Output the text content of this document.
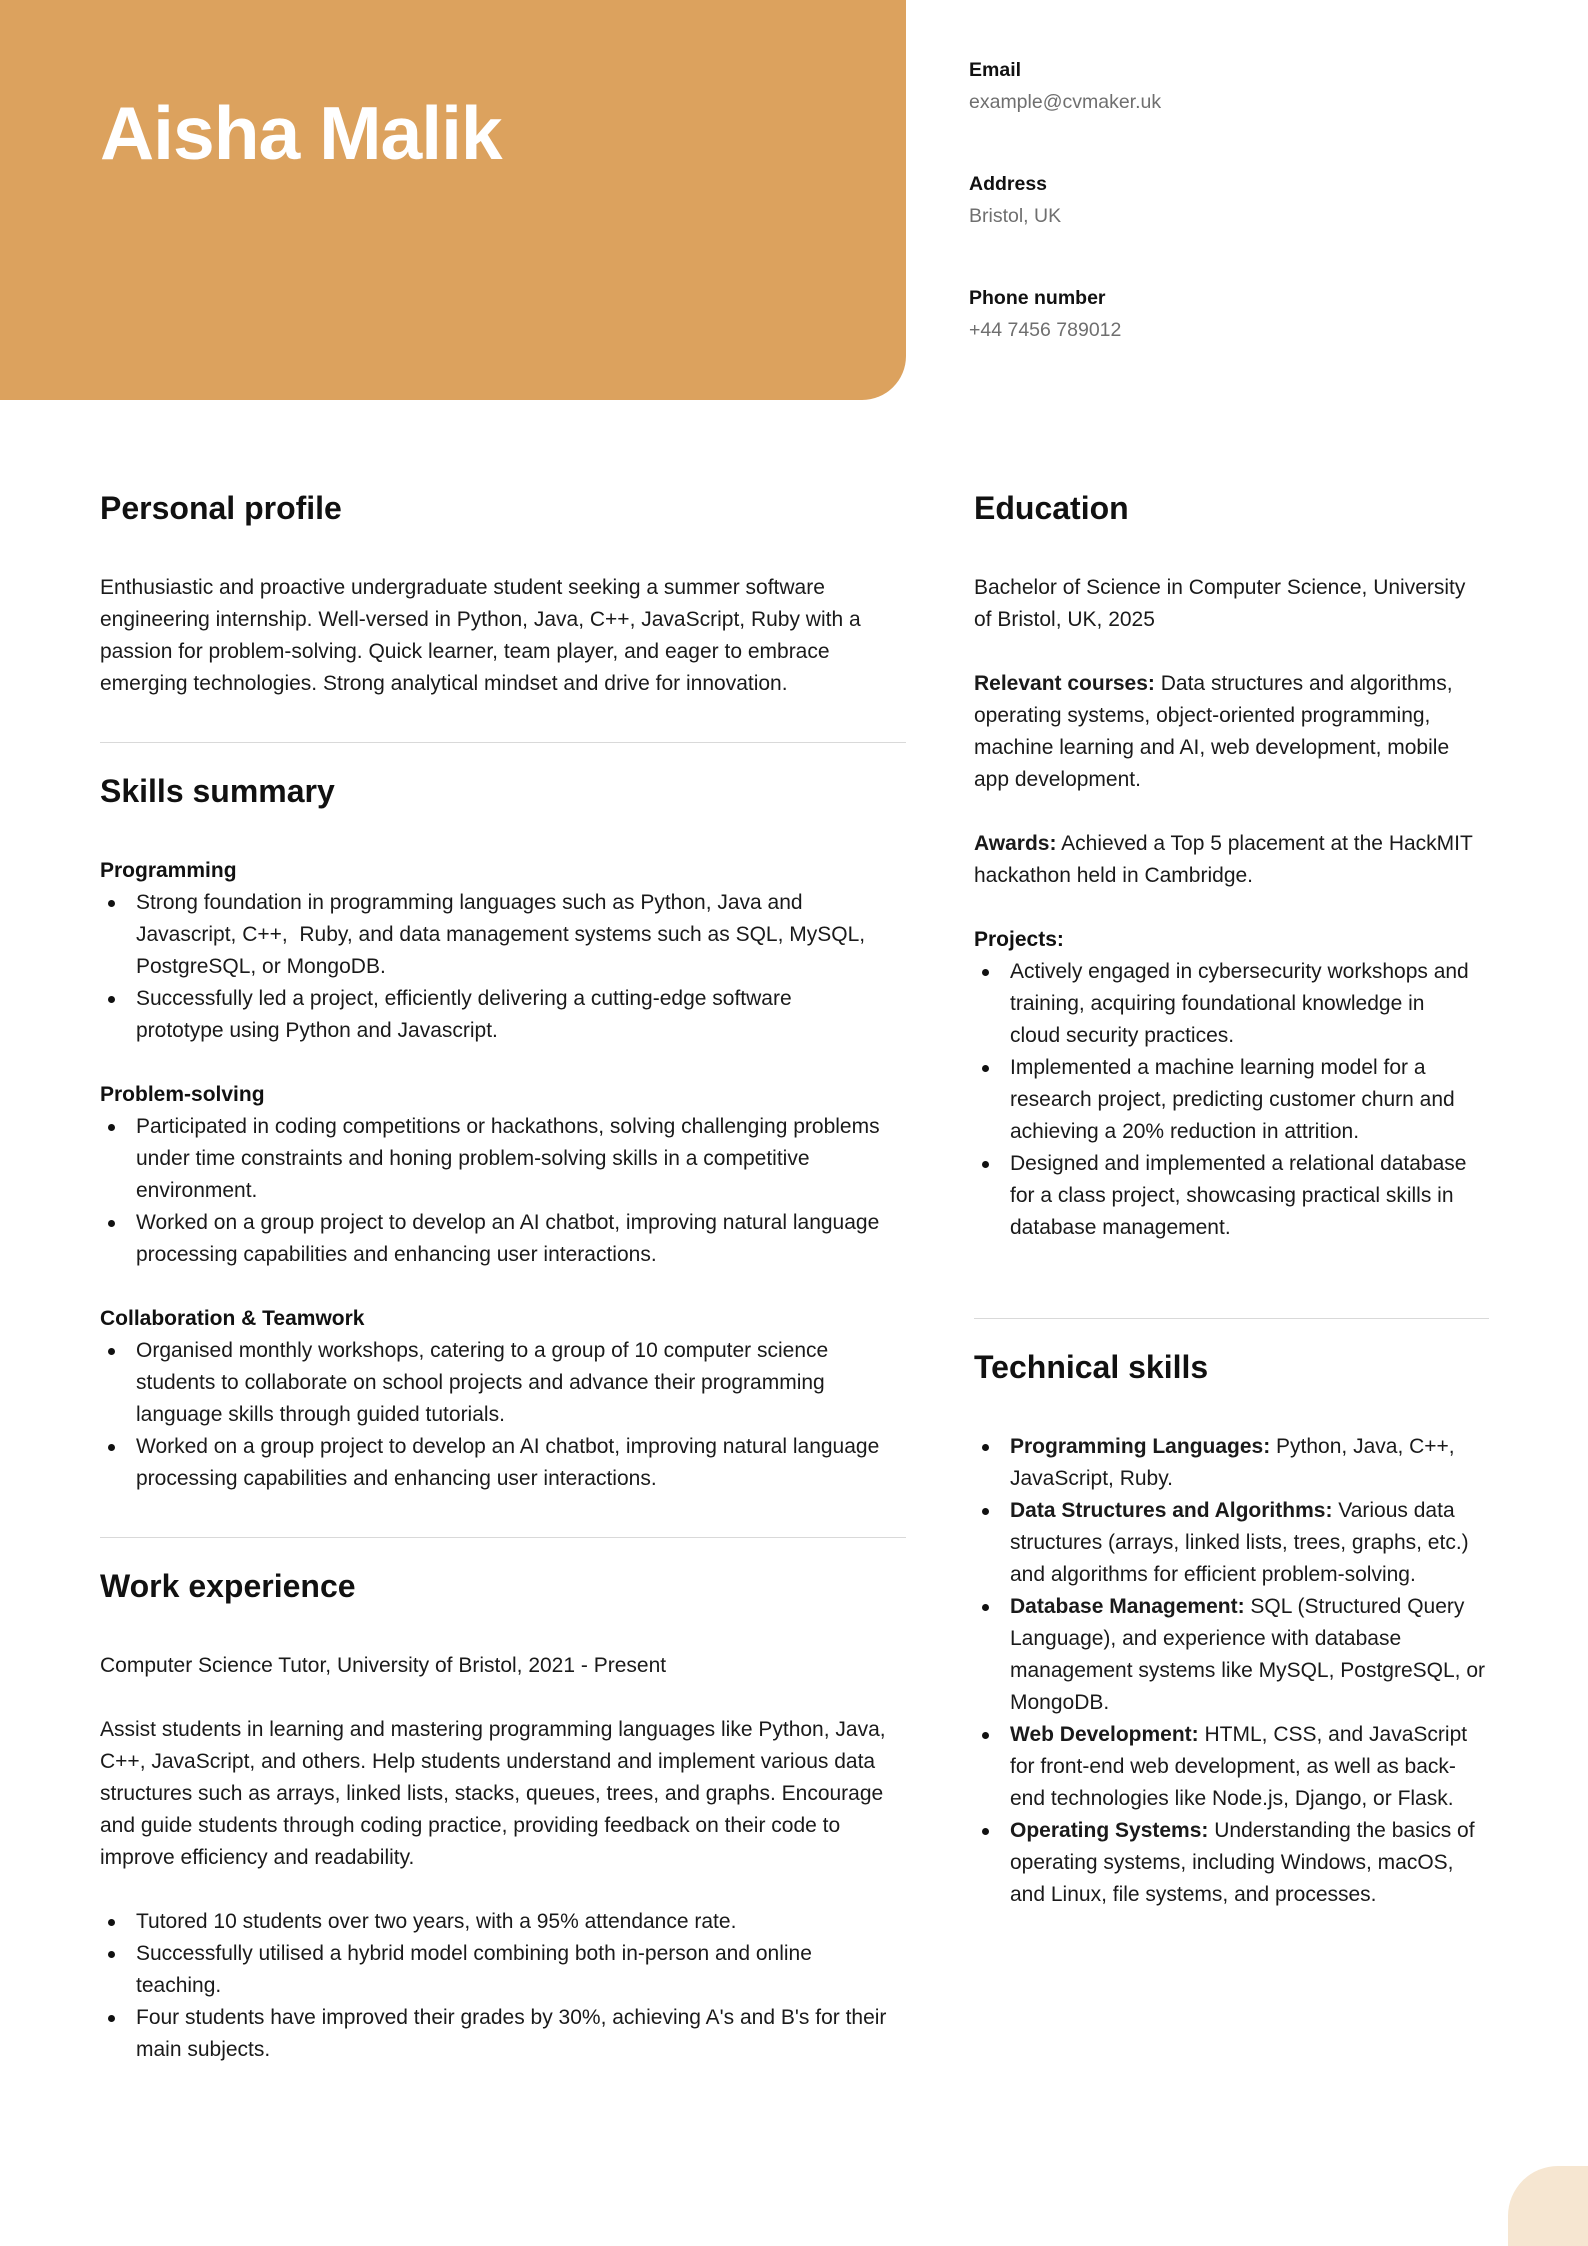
Aisha Malik
Email
example@cvmaker.uk
Address
Bristol, UK
Phone number
+44 7456 789012
Personal profile
Enthusiastic and proactive undergraduate student seeking a summer software
engineering internship. Well-versed in Python, Java, C++, JavaScript, Ruby with a
passion for problem-solving. Quick learner, team player, and eager to embrace
emerging technologies. Strong analytical mindset and drive for innovation.
Skills summary
Programming
Strong foundation in programming languages such as Python, Java and
Javascript, C++,  Ruby, and data management systems such as SQL, MySQL,
PostgreSQL, or MongoDB.
Successfully led a project, efficiently delivering a cutting-edge software
prototype using Python and Javascript.
Problem-solving
Participated in coding competitions or hackathons, solving challenging problems
under time constraints and honing problem-solving skills in a competitive
environment.
Worked on a group project to develop an AI chatbot, improving natural language
processing capabilities and enhancing user interactions.
Collaboration & Teamwork
Organised monthly workshops, catering to a group of 10 computer science
students to collaborate on school projects and advance their programming
language skills through guided tutorials.
Worked on a group project to develop an AI chatbot, improving natural language
processing capabilities and enhancing user interactions.
Work experience
Computer Science Tutor, University of Bristol, 2021 - Present
Assist students in learning and mastering programming languages like Python, Java,
C++, JavaScript, and others. Help students understand and implement various data
structures such as arrays, linked lists, stacks, queues, trees, and graphs. Encourage
and guide students through coding practice, providing feedback on their code to
improve efficiency and readability.
Tutored 10 students over two years, with a 95% attendance rate.
Successfully utilised a hybrid model combining both in-person and online
teaching.
Four students have improved their grades by 30%, achieving A's and B's for their
main subjects.
Education
Bachelor of Science in Computer Science, University
of Bristol, UK, 2025
Relevant courses: Data structures and algorithms,
operating systems, object-oriented programming,
machine learning and AI, web development, mobile
app development.
Awards: Achieved a Top 5 placement at the HackMIT
hackathon held in Cambridge.
Projects:
Actively engaged in cybersecurity workshops and
training, acquiring foundational knowledge in
cloud security practices.
Implemented a machine learning model for a
research project, predicting customer churn and
achieving a 20% reduction in attrition.
Designed and implemented a relational database
for a class project, showcasing practical skills in
database management.
Technical skills
Programming Languages: Python, Java, C++,
JavaScript, Ruby.
Data Structures and Algorithms: Various data
structures (arrays, linked lists, trees, graphs, etc.)
and algorithms for efficient problem-solving.
Database Management: SQL (Structured Query
Language), and experience with database
management systems like MySQL, PostgreSQL, or
MongoDB.
Web Development: HTML, CSS, and JavaScript
for front-end web development, as well as back-
end technologies like Node.js, Django, or Flask.
Operating Systems: Understanding the basics of
operating systems, including Windows, macOS,
and Linux, file systems, and processes.
